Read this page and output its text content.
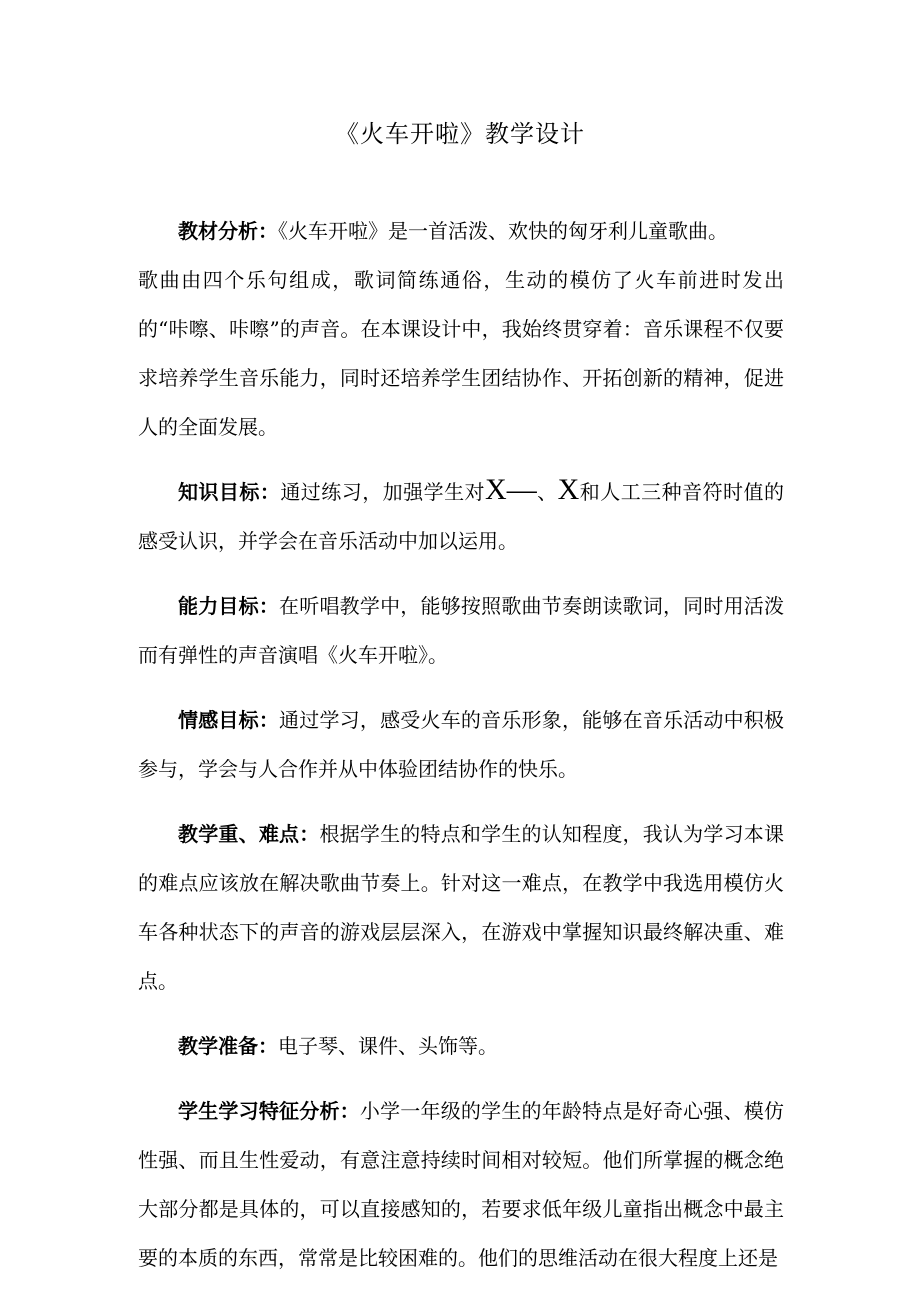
《火车开啦》教学设计

教材分析：《火车开啦》是一首活泼、欢快的匈牙利儿童歌曲。

歌曲由四个乐句组成，歌词简练通俗，生动的模仿了火车前进时发出的“咔嚓、咔嚓”的声音。在本课设计中，我始终贯穿着：音乐课程不仅要求培养学生音乐能力，同时还培养学生团结协作、开拓创新的精神，促进人的全面发展。

知识目标：通过练习，加强学生对X—、X和人工三种音符时值的感受认识，并学会在音乐活动中加以运用。

能力目标：在听唱教学中，能够按照歌曲节奏朗读歌词，同时用活泼而有弹性的声音演唱《火车开啦》。

情感目标：通过学习，感受火车的音乐形象，能够在音乐活动中积极参与，学会与人合作并从中体验团结协作的快乐。

教学重、难点：根据学生的特点和学生的认知程度，我认为学习本课的难点应该放在解决歌曲节奏上。针对这一难点，在教学中我选用模仿火车各种状态下的声音的游戏层层深入，在游戏中掌握知识最终解决重、难点。

教学准备：电子琴、课件、头饰等。

学生学习特征分析：小学一年级的学生的年龄特点是好奇心强、模仿性强、而且生性爱动，有意注意持续时间相对较短。他们所掌握的概念绝大部分都是具体的，可以直接感知的，若要求低年级儿童指出概念中最主要的本质的东西，常常是比较困难的。他们的思维活动在很大程度上还是
